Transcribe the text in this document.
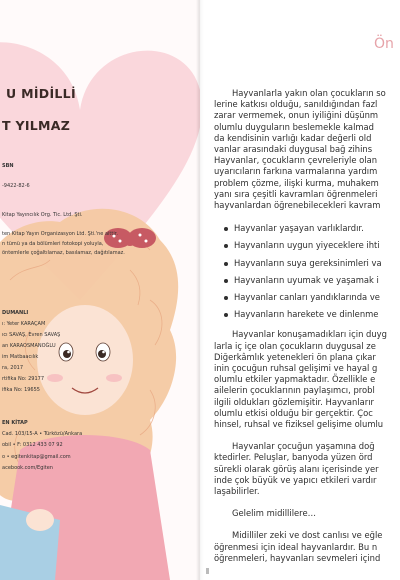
U MİDİLLİ
T YILMAZ
SBN
-9422-82-6
Kitap Yayıncılık Org. Tic. Ltd. Şti.

ten Kitap Yayın Organizasyon Ltd. Şti.'ne aittir.
n tümü ya da bölümleri fotokopi yoluyla,
öntemlerle çoğaltılamaz, basılamaz, dağıtılamaz.
DUMANLI
ı: Yeter KARAÇAM
ıcı SAVAŞ, Evren SAVAŞ
an KARAOSMANOĞLU
im Matbaacılık
ra, 2017
rtifika No: 29177
ifika No: 19655
EN KİTAP
Cad. 103/15-A • Türközü/Ankara
obil • F: 0312 433 07 92
o • egitenkitap@gmail.com
acebook.com/Egiten
Ön
Hayvanlarla yakın olan çocukların so
lerine katkısı olduğu, sanıldığından fazl
zarar vermemek, onun iyiliğini düşünm
olumlu duyguların beslemekle kalmad
da kendisinin varlığı kadar değerli old
vanlar arasındaki duygusal bağ zihins
Hayvanlar, çocukların çevreleriyle olan
uyarıcıların farkına varmalarına yardım
problem çözme, ilişki kurma, muhakem
yanı sıra çeşitli kavramları öğrenmeleri
hayvanlardan öğrenebilecekleri kavram
Hayvanlar yaşayan varlıklardır.
Hayvanların uygun yiyeceklere ihti
Hayvanların suya gereksinimleri va
Hayvanların uyumak ve yaşamak i
Hayvanlar canları yandıklarında ve
Hayvanların harekete ve dinlenme
Hayvanlar konuşamadıkları için duyg
larla iç içe olan çocukların duygusal ze
Diğerkâmlık yetenekleri ön plana çıkar
inin çocuğun ruhsal gelişimi ve hayal g
olumlu etkiler yapmaktadır. Özellikle e
ailelerin çocuklarının paylaşımcı, probl
ilgili oldukları gözlemişitir. Hayvanlarır
olumlu etkisi olduğu bir gerçektir. Çoc
hinsel, ruhsal ve fiziksel gelişime olumlu
Hayvanlar çocuğun yaşamına doğ
ktedirler. Peluşlar, banyoda yüzen örd
sürekli olarak görüş alanı içerisinde yer
inde çok büyük ve yapıcı etkileri vardır
laşabilirler.
Gelelim midillilere…
Midilliler zeki ve dost canlısı ve eğle
öğrenmesi için ideal hayvanlardır. Bu n
öğrenmeleri, hayvanları sevmeleri içind
